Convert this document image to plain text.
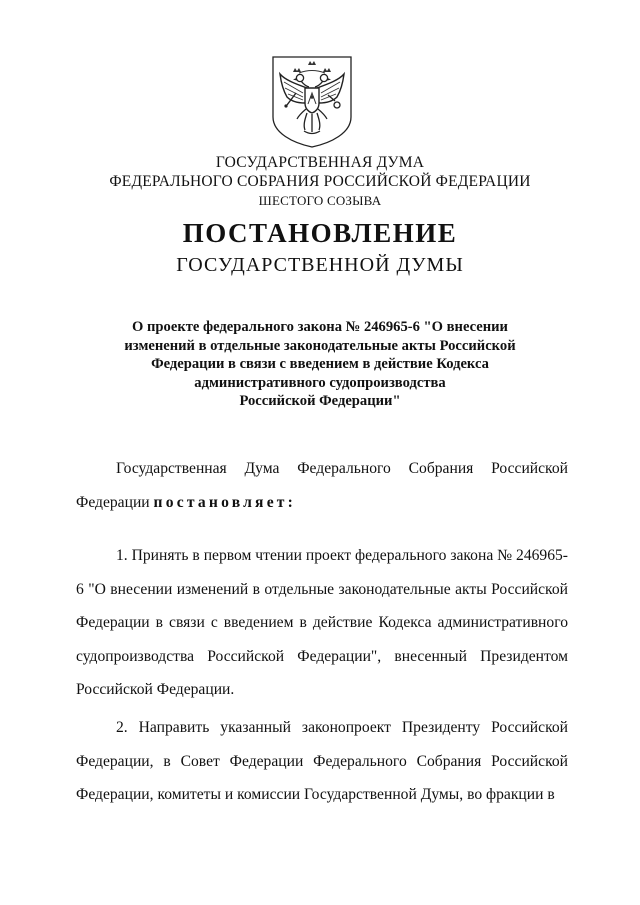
ГОСУДАРСТВЕННАЯ ДУМА
ФЕДЕРАЛЬНОГО СОБРАНИЯ РОССИЙСКОЙ ФЕДЕРАЦИИ
ШЕСТОГО СОЗЫВА
ПОСТАНОВЛЕНИЕ
ГОСУДАРСТВЕННОЙ ДУМЫ
О проекте федерального закона № 246965-6 "О внесении
изменений в отдельные законодательные акты Российской
Федерации в связи с введением в действие Кодекса
административного судопроизводства
Российской Федерации"

Государственная Дума Федерального Собрания Российской Федерации постановляет:

1. Принять в первом чтении проект федерального закона № 246965-6 "О внесении изменений в отдельные законодательные акты Российской Федерации в связи с введением в действие Кодекса административного судопроизводства Российской Федерации", внесенный Президентом Российской Федерации.

2. Направить указанный законопроект Президенту Российской Федерации, в Совет Федерации Федерального Собрания Российской Федерации, комитеты и комиссии Государственной Думы, во фракции в
